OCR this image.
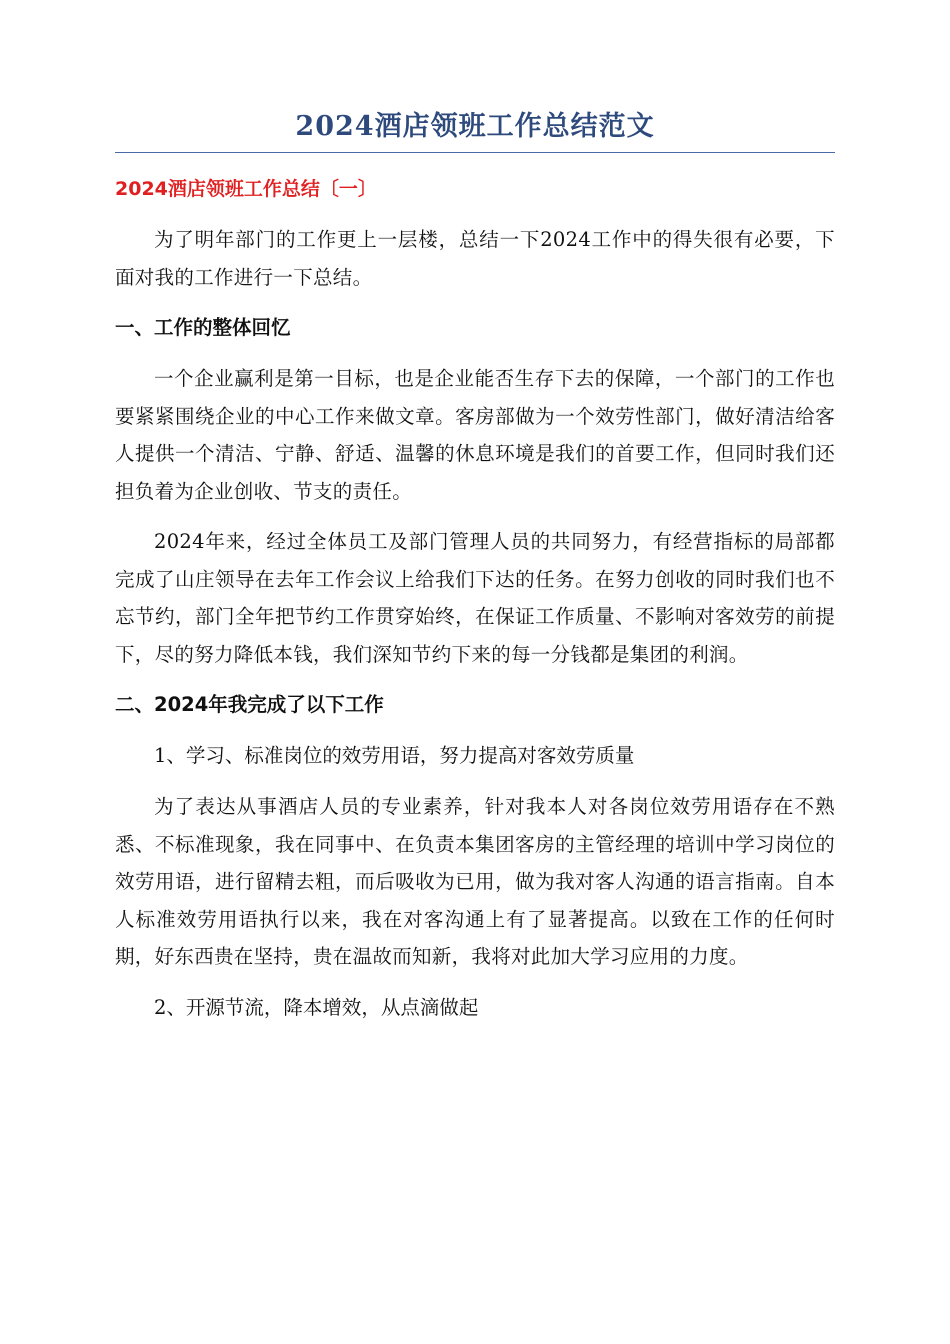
2024酒店领班工作总结范文
2024酒店领班工作总结〔一〕

为了明年部门的工作更上一层楼，总结一下2024工作中的得失很有必要，下面对我的工作进行一下总结。

一、工作的整体回忆

一个企业赢利是第一目标，也是企业能否生存下去的保障，一个部门的工作也要紧紧围绕企业的中心工作来做文章。客房部做为一个效劳性部门，做好清洁给客人提供一个清洁、宁静、舒适、温馨的休息环境是我们的首要工作，但同时我们还担负着为企业创收、节支的责任。

2024年来，经过全体员工及部门管理人员的共同努力，有经营指标的局部都完成了山庄领导在去年工作会议上给我们下达的任务。在努力创收的同时我们也不忘节约，部门全年把节约工作贯穿始终，在保证工作质量、不影响对客效劳的前提下，尽的努力降低本钱，我们深知节约下来的每一分钱都是集团的利润。

二、2024年我完成了以下工作
1、学习、标准岗位的效劳用语，努力提高对客效劳质量

为了表达从事酒店人员的专业素养，针对我本人对各岗位效劳用语存在不熟悉、不标准现象，我在同事中、在负责本集团客房的主管经理的培训中学习岗位的效劳用语，进行留精去粗，而后吸收为已用，做为我对客人沟通的语言指南。自本人标准效劳用语执行以来，我在对客沟通上有了显著提高。以致在工作的任何时期，好东西贵在坚持，贵在温故而知新，我将对此加大学习应用的力度。

2、开源节流，降本增效，从点滴做起
